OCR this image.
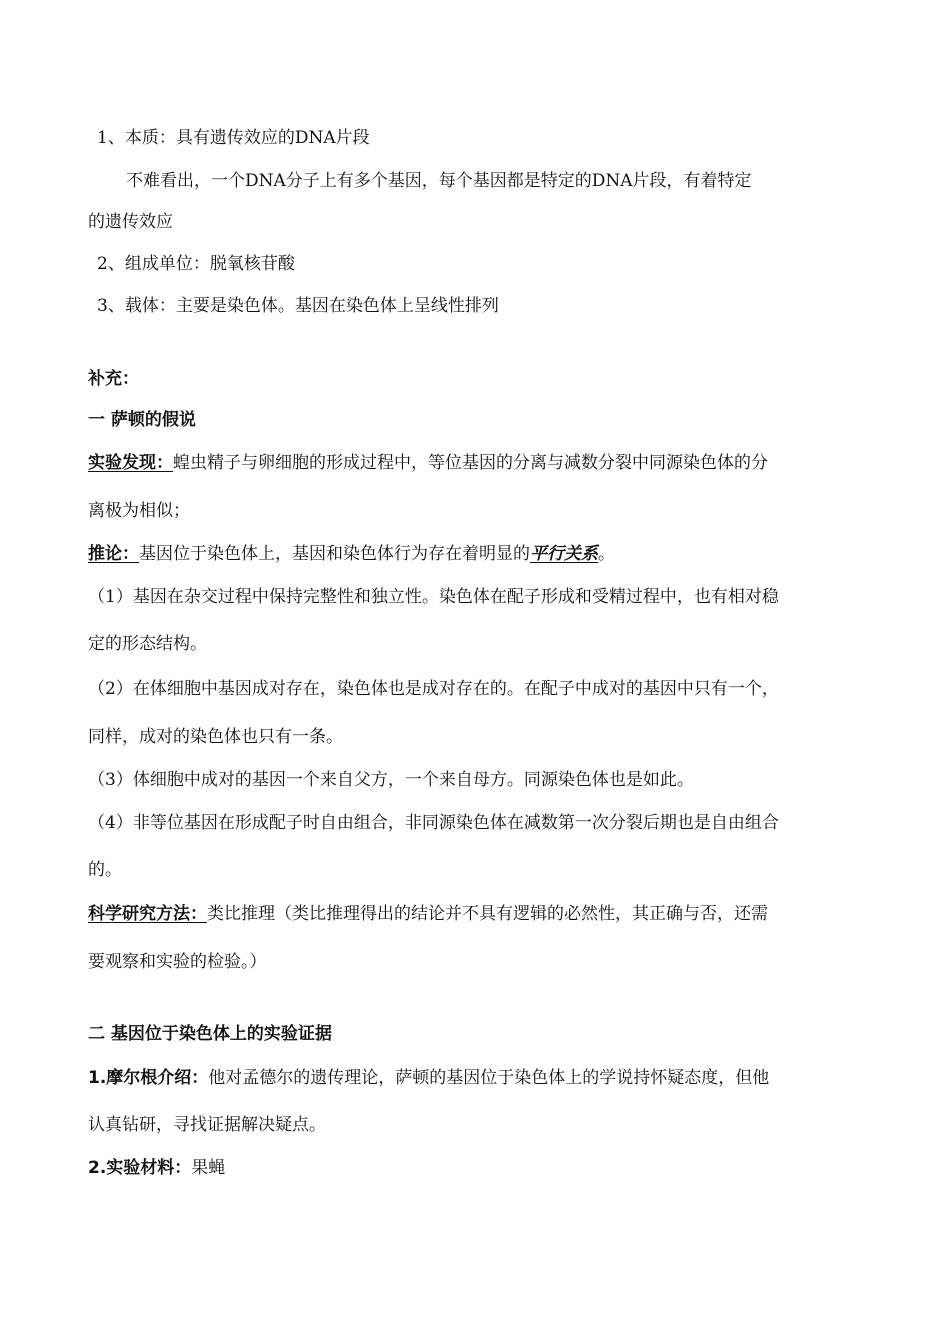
1、本质：具有遗传效应的DNA片段
不难看出，一个DNA分子上有多个基因，每个基因都是特定的DNA片段，有着特定
的遗传效应
2、组成单位：脱氧核苷酸
3、载体：主要是染色体。基因在染色体上呈线性排列
补充：
一 萨顿的假说
实验发现：蝗虫精子与卵细胞的形成过程中，等位基因的分离与减数分裂中同源染色体的分
离极为相似；
推论：基因位于染色体上，基因和染色体行为存在着明显的平行关系。
（1）基因在杂交过程中保持完整性和独立性。染色体在配子形成和受精过程中，也有相对稳
定的形态结构。
（2）在体细胞中基因成对存在，染色体也是成对存在的。在配子中成对的基因中只有一个，
同样，成对的染色体也只有一条。
（3）体细胞中成对的基因一个来自父方，一个来自母方。同源染色体也是如此。
（4）非等位基因在形成配子时自由组合，非同源染色体在减数第一次分裂后期也是自由组合
的。
科学研究方法：类比推理（类比推理得出的结论并不具有逻辑的必然性，其正确与否，还需
要观察和实验的检验。）
二 基因位于染色体上的实验证据
1.摩尔根介绍：他对孟德尔的遗传理论，萨顿的基因位于染色体上的学说持怀疑态度，但他
认真钻研，寻找证据解决疑点。
2.实验材料：果蝇
